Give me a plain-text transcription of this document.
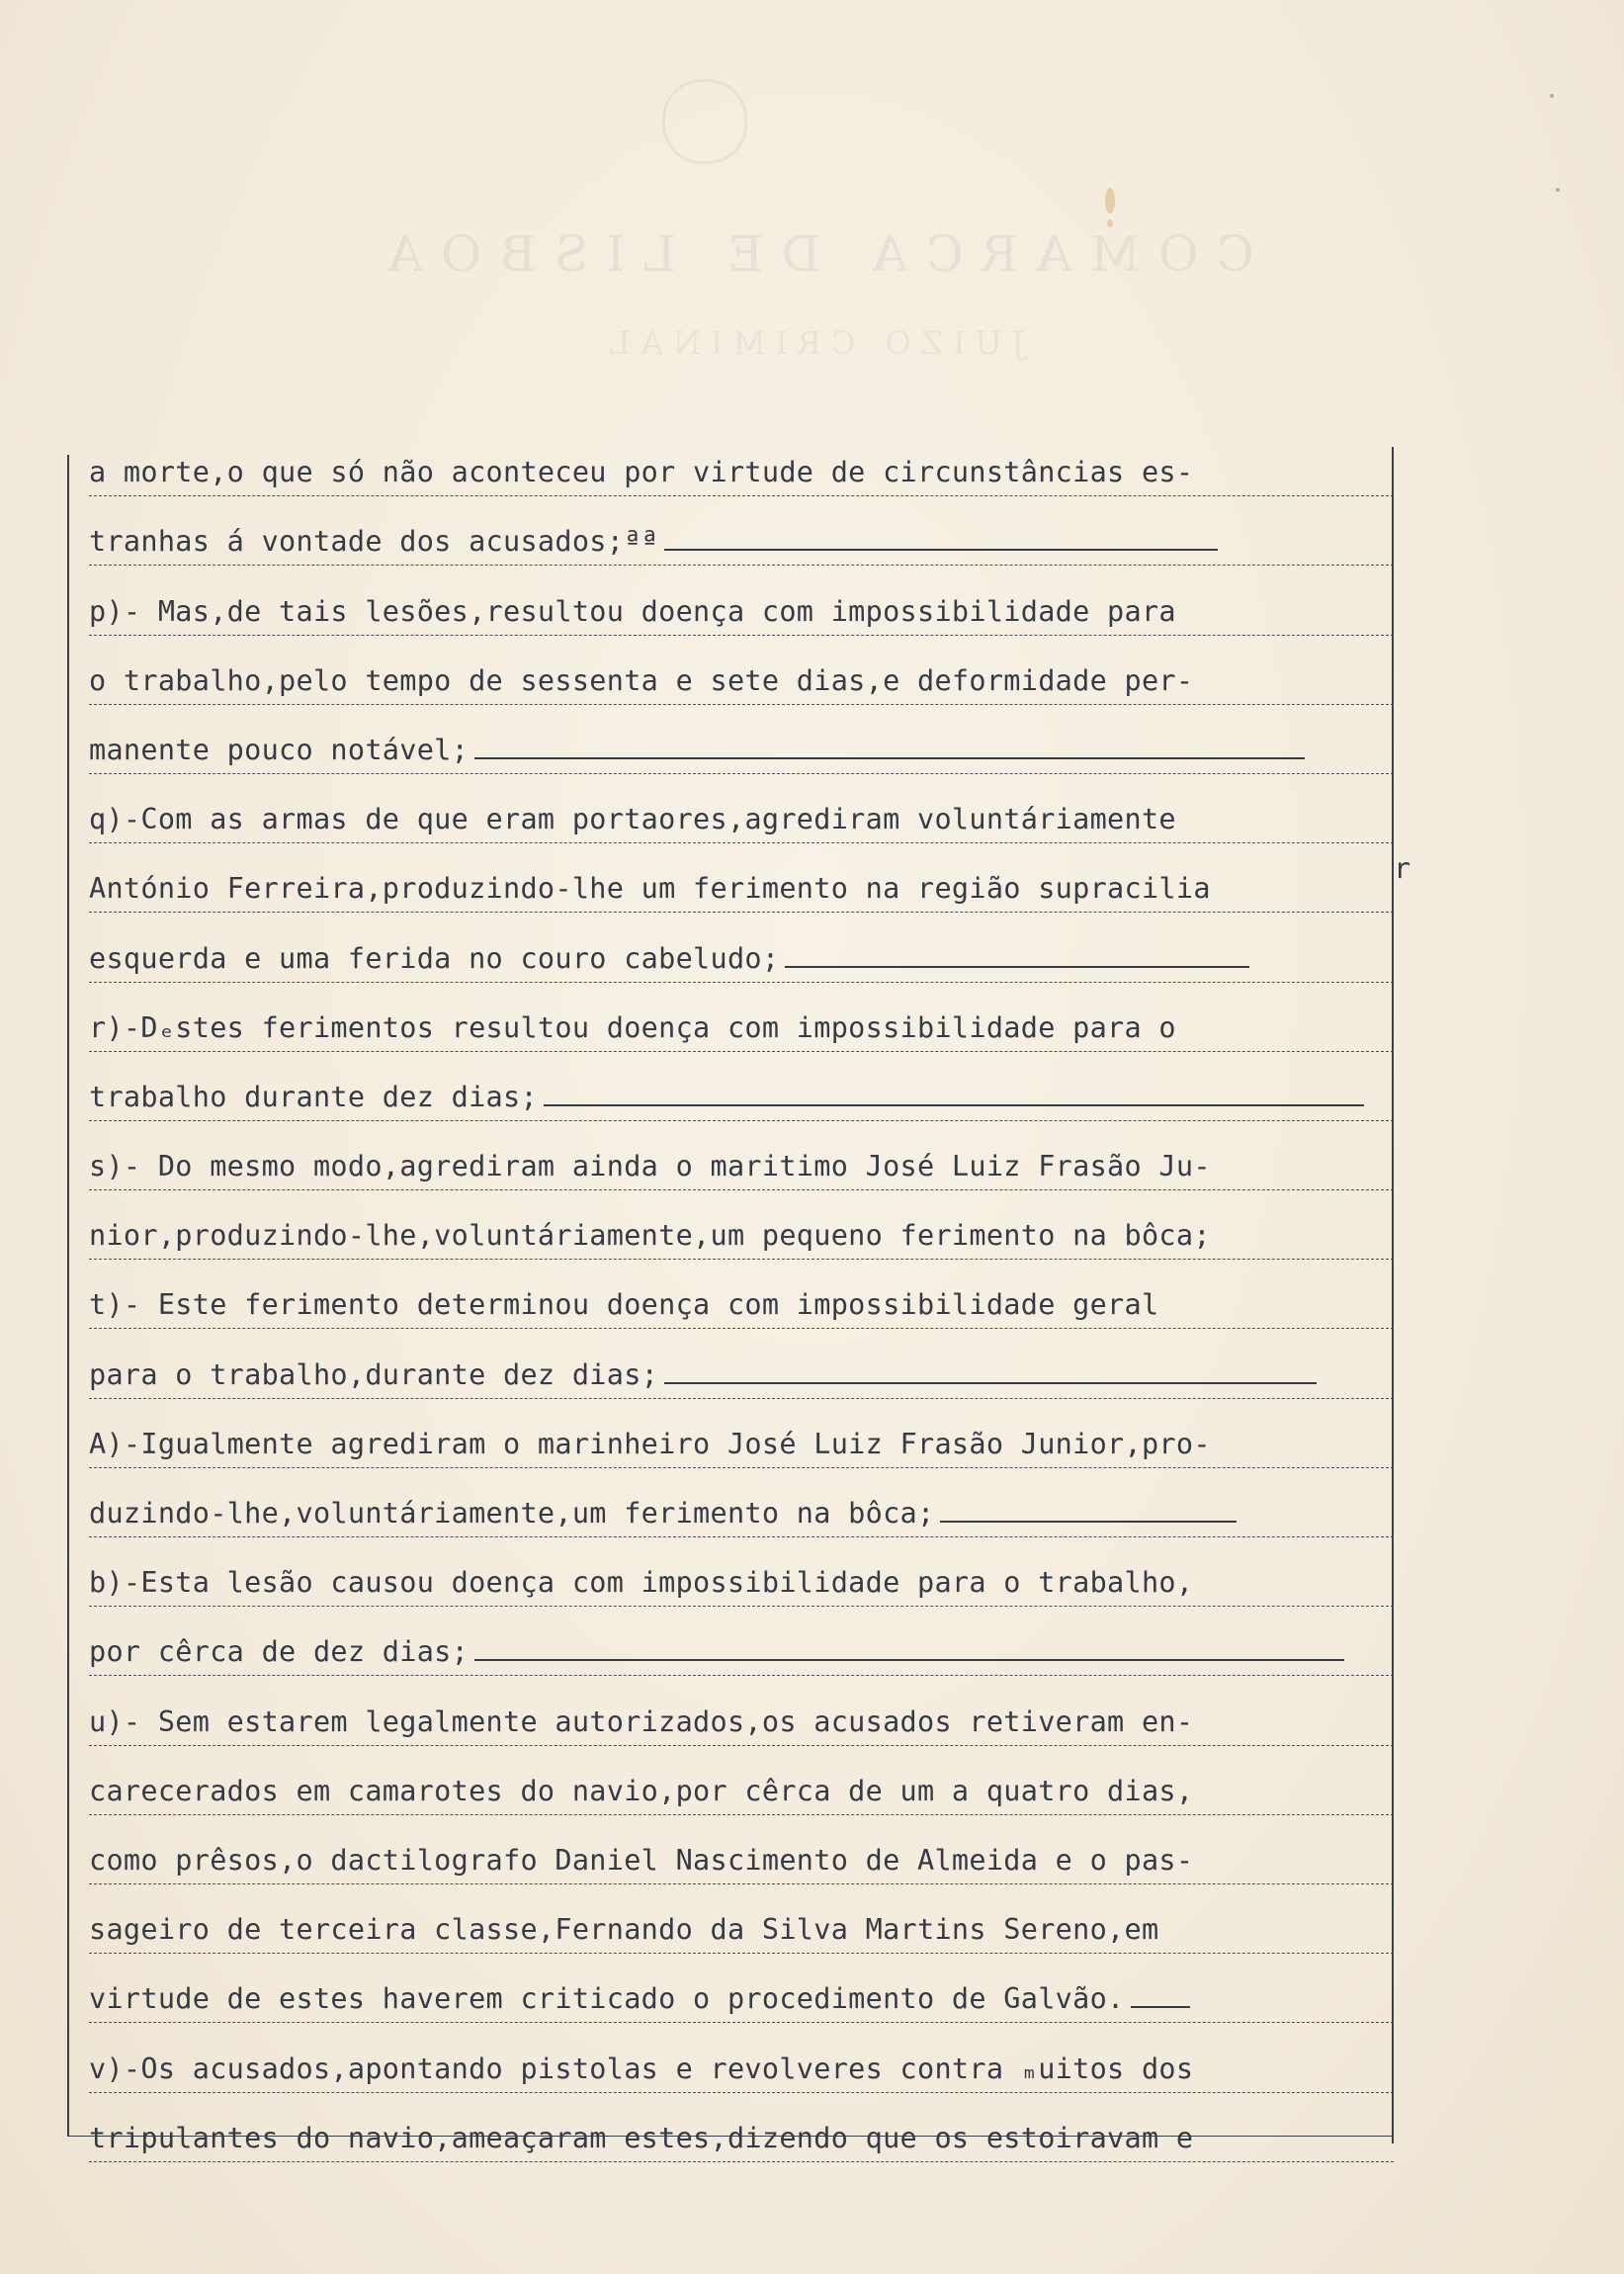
COMARCA DE LISBOA
JUIZO CRIMINAL
a morte,o que só não aconteceu por virtude de circunstâncias es-
tranhas á vontade dos acusados;ªª
p)- Mas,de tais lesões,resultou doença com impossibilidade para
o trabalho,pelo tempo de sessenta e sete dias,e deformidade per-
manente pouco notável;
q)-Com as armas de que eram portaores,agrediram voluntáriamente
António Ferreira,produzindo-lhe um ferimento na região supracilia
esquerda e uma ferida no couro cabeludo;
r)-Dₑstes ferimentos resultou doença com impossibilidade para o
trabalho durante dez dias;
s)- Do mesmo modo,agrediram ainda o maritimo José Luiz Frasão Ju-
nior,produzindo-lhe,voluntáriamente,um pequeno ferimento na bôca;
t)- Este ferimento determinou doença com impossibilidade geral
para o trabalho,durante dez dias;
A)-Igualmente agrediram o marinheiro José Luiz Frasão Junior,pro-
duzindo-lhe,voluntáriamente,um ferimento na bôca;
b)-Esta lesão causou doença com impossibilidade para o trabalho,
por cêrca de dez dias;
u)- Sem estarem legalmente autorizados,os acusados retiveram en-
carecerados em camarotes do navio,por cêrca de um a quatro dias,
como prêsos,o dactilografo Daniel Nascimento de Almeida e o pas-
sageiro de terceira classe,Fernando da Silva Martins Sereno,em
virtude de estes haverem criticado o procedimento de Galvão.
v)-Os acusados,apontando pistolas e revolveres contra ₘuitos dos
tripulantes do navio,ameaçaram estes,dizendo que os estoiravam e
r
